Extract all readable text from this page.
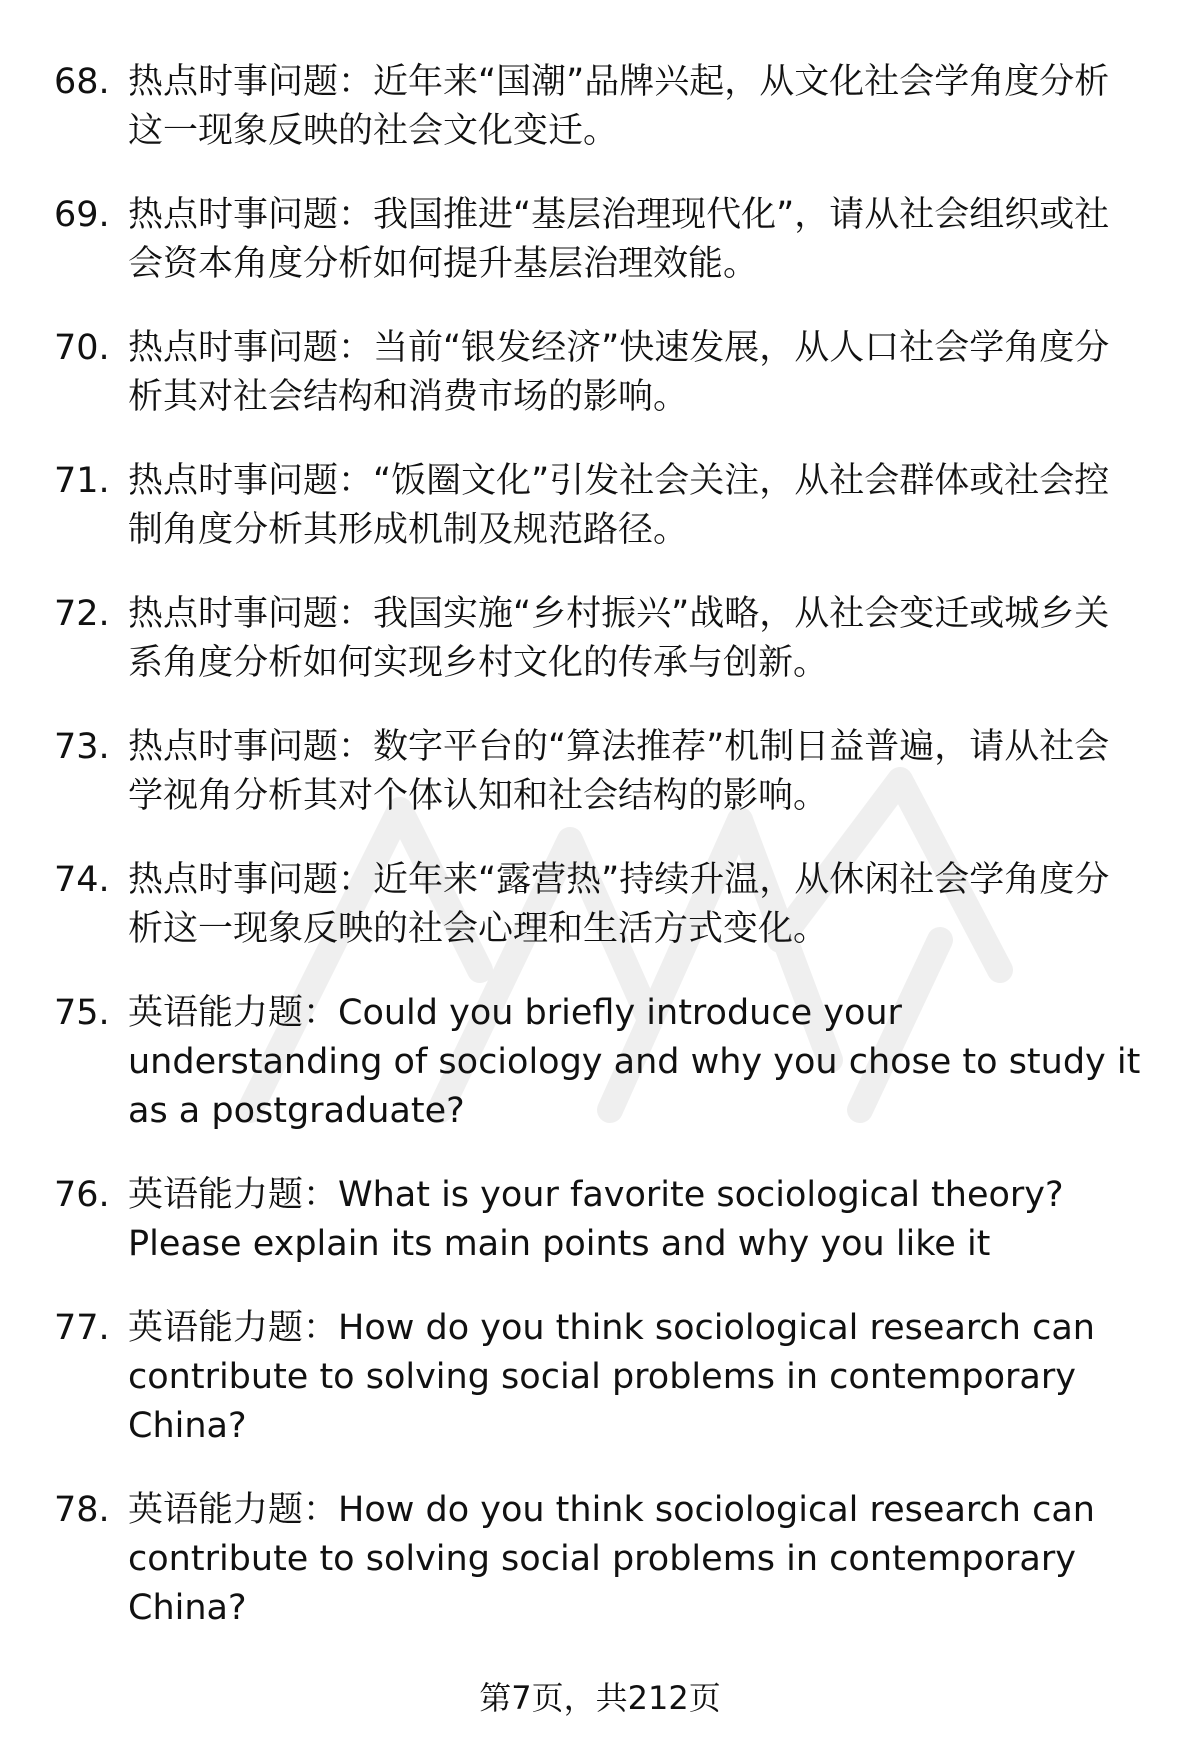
68. 热点时事问题：近年来“国潮”品牌兴起，从文化社会学角度分析这一现象反映的社会文化变迁。
69. 热点时事问题：我国推进“基层治理现代化”，请从社会组织或社会资本角度分析如何提升基层治理效能。
70. 热点时事问题：当前“银发经济”快速发展，从人口社会学角度分析其对社会结构和消费市场的影响。
71. 热点时事问题：“饭圈文化”引发社会关注，从社会群体或社会控制角度分析其形成机制及规范路径。
72. 热点时事问题：我国实施“乡村振兴”战略，从社会变迁或城乡关系角度分析如何实现乡村文化的传承与创新。
73. 热点时事问题：数字平台的“算法推荐”机制日益普遍，请从社会学视角分析其对个体认知和社会结构的影响。
74. 热点时事问题：近年来“露营热”持续升温，从休闲社会学角度分析这一现象反映的社会心理和生活方式变化。
75. 英语能力题：Could you briefly introduce your understanding of sociology and why you chose to study it as a postgraduate?
76. 英语能力题：What is your favorite sociological theory? Please explain its main points and why you like it
77. 英语能力题：How do you think sociological research can contribute to solving social problems in contemporary China?
78. 英语能力题：How do you think sociological research can contribute to solving social problems in contemporary China?
第7页，共212页
